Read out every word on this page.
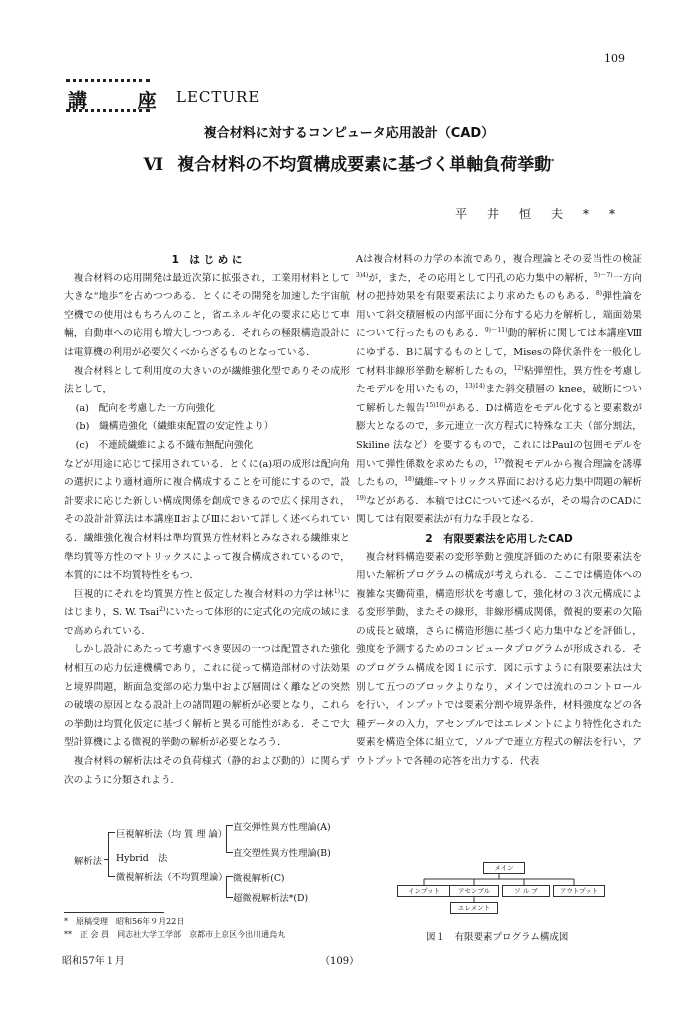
109
講 座
LECTURE
複合材料に対するコンピュータ応用設計（CAD）
Ⅵ 複合材料の不均質構成要素に基づく単軸負荷挙動*
平井恒夫**
1　は じ め に

複合材料の応用開発は最近次第に拡張され，工業用材料として大きな“地歩”を占めつつある．とくにその開発を加速した宇宙航空機での使用はもちろんのこと，省エネルギ化の要求に応じて車輛，自動車への応用も増大しつつある．それらの極限構造設計には電算機の利用が必要欠くべからざるものとなっている．

複合材料として利用度の大きいのが繊維強化型でありその成形法として，

(a)　配向を考慮した一方向強化

(b)　織構造強化（繊維束配置の安定性より）

(c)　不連続繊維による不織布無配向強化

などが用途に応じて採用されている．とくに(a)項の成形は配向角の選択により適材適所に複合構成することを可能にするので，設計要求に応じた新しい構成関係を創成できるので広く採用され，その設計計算法は本講座ⅡおよびⅢにおいて詳しく述べられている．繊維強化複合材料は準均質異方性材料とみなされる繊維束と準均質等方性のマトリックスによって複合構成されているので，本質的には不均質特性をもつ．

巨視的にそれを均質異方性と仮定した複合材料の力学は林$^{1)}$にはじまり，S. W. Tsai$^{2)}$にいたって体形的に定式化の完成の域にまで高められている．

しかし設計にあたって考慮すべき要因の一つは配置された強化材相互の応力伝達機構であり，これに従って構造部材の寸法効果と境界問題，断面急変部の応力集中および層間はく離などの突然の破壊の原因となる設計上の諸問題の解析が必要となり，これらの挙動は均質化仮定に基づく解析と異る可能性がある．そこで大型計算機による微視的挙動の解析が必要となろう．

複合材料の解析法はその負荷様式（静的および動的）に関らず次のように分類されよう．

解析法
巨視解析法（均 質 理 論）
Hybrid　法
微視解析法（不均質理論）
直交弾性異方性理論(A)
直交塑性異方性理論(B)
微視解析(C)
超微視解析法*(D)
*　 原稿受理　昭和56年９月22日
**　 正 会 員　同志社大学工学部　京都市上京区今出川通烏丸

Aは複合材料の力学の本流であり，複合理論とその妥当性の検証$^{3)4)}$が，また，その応用として円孔の応力集中の解析，$^{5)〜7)}$一方向材の把持効果を有限要素法により求めたものもある．$^{8)}$弾性論を用いて斜交積層板の内部平面に分布する応力を解析し，端面効果について行ったものもある．$^{9)〜11)}$動的解析に関しては本講座Ⅷにゆずる．Bに属するものとして，Misesの降伏条件を一般化して材料非線形挙動を解析したもの，$^{12)}$粘弾塑性，異方性を考慮したモデルを用いたもの，$^{13)14)}$また斜交積層の knee，破断について解析した報告$^{15)16)}$がある．Dは構造をモデル化すると要素数が膨大となるので，多元連立一次方程式に特殊な工夫（部分割法，Skiline 法など）を要するもので，これにはPaulの包囲モデルを用いて弾性係数を求めたもの，$^{17)}$微視モデルから複合理論を誘導したもの，$^{18)}$繊維–マトリックス界面における応力集中問題の解析$^{19)}$などがある．本稿ではCについて述べるが，その場合のCADに関しては有限要素法が有力な手段となる．

2　有限要素法を応用したCAD

複合材料構造要素の変形挙動と強度評価のために有限要素法を用いた解析プログラムの構成が考えられる．ここでは構造体への複雑な実働荷重，構造形状を考慮して，強化材の３次元構成による変形挙動，またその線形，非線形構成関係，微視的要素の欠陥の成長と破壊，さらに構造形態に基づく応力集中などを評価し，強度を予測するためのコンピュータプログラムが形成される．そのプログラム構成を図１に示す．図に示すように有限要素法は大別して五つのブロックよりなり，メインでは流れのコントロールを行い，インプットでは要素分割や境界条件，材料強度などの各種データの入力，アセンブルではエレメントにより特性化された要素を構造全体に組立て，ソルブで連立方程式の解法を行い，アウトプットで各種の応答を出力する．代表

メイン
インプット	アセンブル	ソ ル ブ	アウトプット
エレメント
図１　有限要素プログラム構成図
昭和57年１月	（109）
